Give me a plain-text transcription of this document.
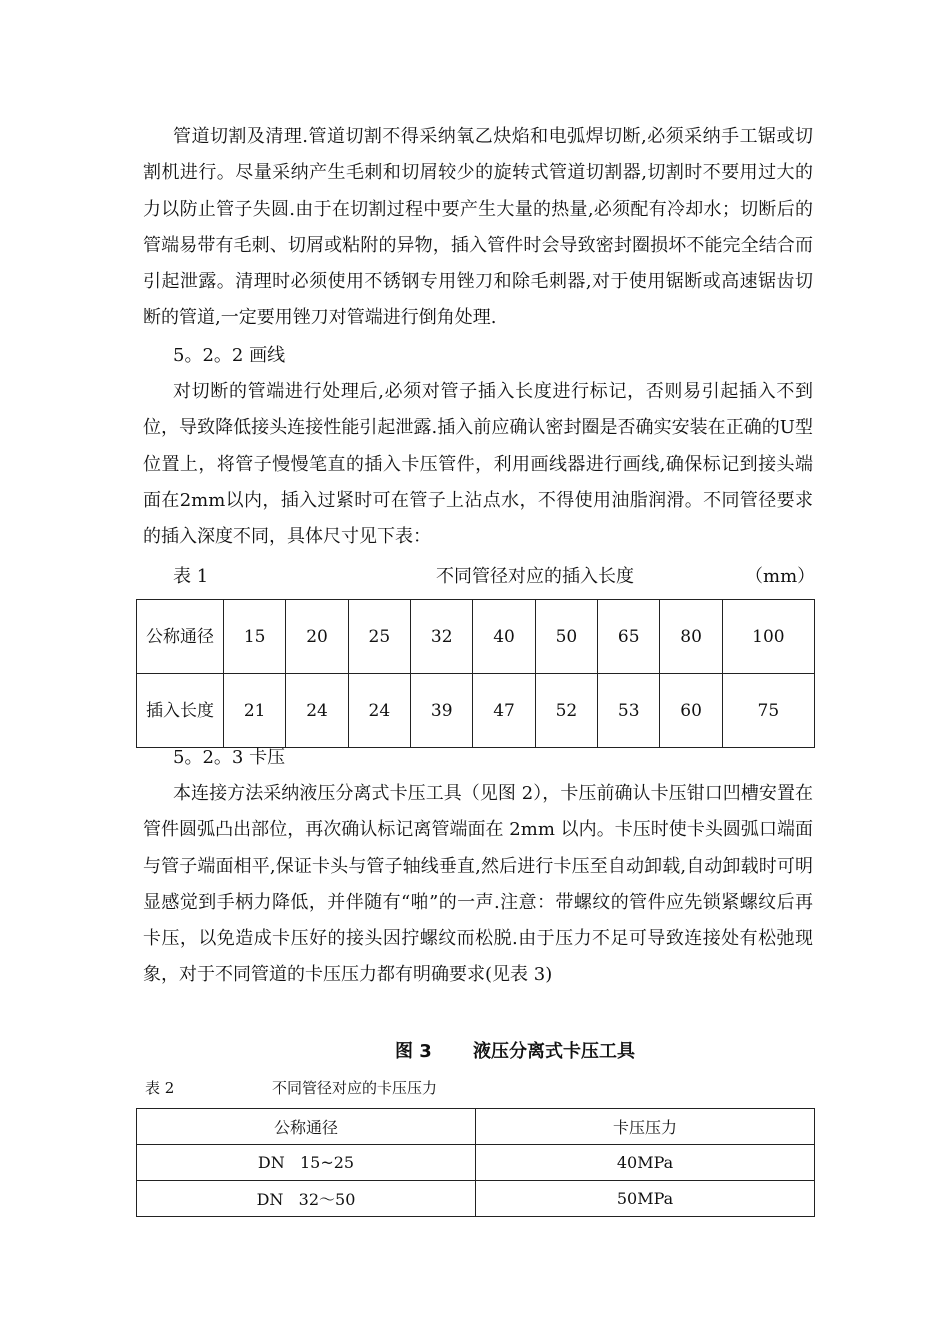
管道切割及清理.管道切割不得采纳氧乙炔焰和电弧焊切断,必须采纳手工锯或切割机进行。尽量采纳产生毛刺和切屑较少的旋转式管道切割器,切割时不要用过大的力以防止管子失圆.由于在切割过程中要产生大量的热量,必须配有冷却水；切断后的管端易带有毛刺、切屑或粘附的异物，插入管件时会导致密封圈损坏不能完全结合而引起泄露。清理时必须使用不锈钢专用锉刀和除毛刺器,对于使用锯断或高速锯齿切断的管道,一定要用锉刀对管端进行倒角处理.

5。2。2 画线

对切断的管端进行处理后,必须对管子插入长度进行标记，否则易引起插入不到位，导致降低接头连接性能引起泄露.插入前应确认密封圈是否确实安装在正确的U型位置上，将管子慢慢笔直的插入卡压管件，利用画线器进行画线,确保标记到接头端面在2mm以内，插入过紧时可在管子上沾点水，不得使用油脂润滑。不同管径要求的插入深度不同，具体尺寸见下表：

表 1	不同管径对应的插入长度	（mm）
公称通径	15	20	25	32	40	50	65	80	100
插入长度	21	24	24	39	47	52	53	60	75
5。2。3 卡压

本连接方法采纳液压分离式卡压工具（见图 2），卡压前确认卡压钳口凹槽安置在管件圆弧凸出部位，再次确认标记离管端面在 2mm 以内。卡压时使卡头圆弧口端面与管子端面相平,保证卡头与管子轴线垂直,然后进行卡压至自动卸载,自动卸载时可明显感觉到手柄力降低，并伴随有“啪”的一声.注意：带螺纹的管件应先锁紧螺纹后再卡压，以免造成卡压好的接头因拧螺纹而松脱.由于压力不足可导致连接处有松弛现象，对于不同管道的卡压压力都有明确要求(见表 3)

图 3 液压分离式卡压工具
表 2	不同管径对应的卡压压力
公称通径	卡压压力
DN   15~25	40MPa
DN   32～50	50MPa
